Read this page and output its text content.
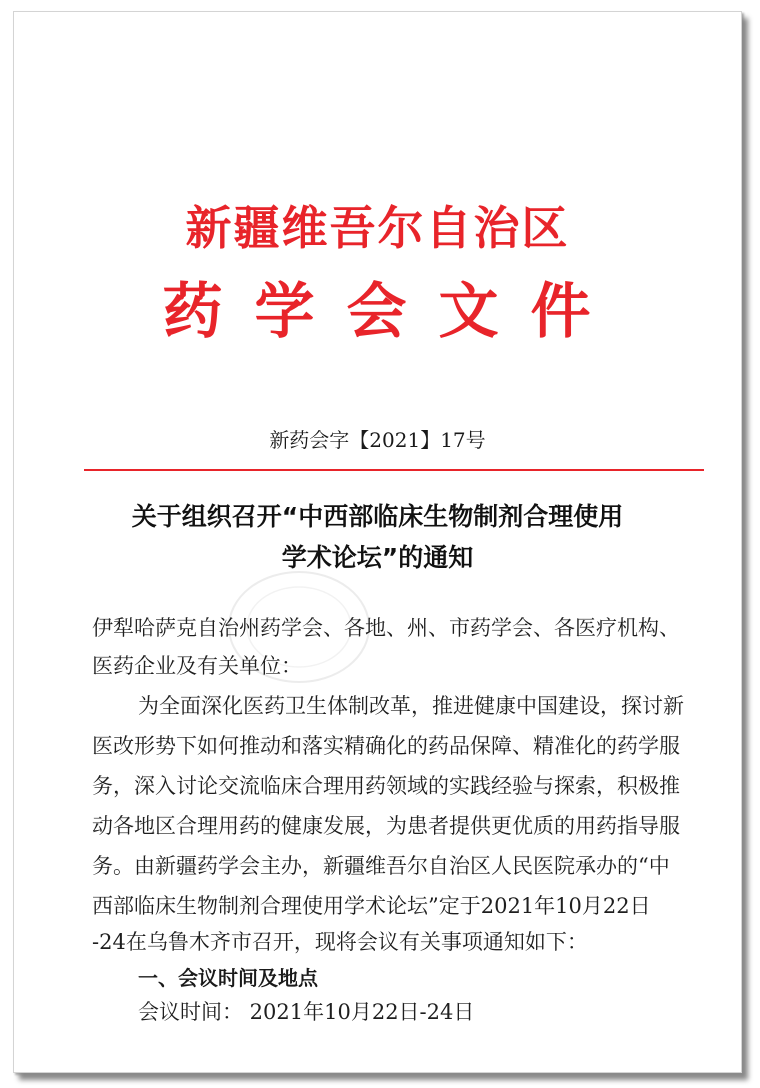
新疆维吾尔自治区
药学会文件
新药会字【2021】17号
关于组织召开“中西部临床生物制剂合理使用
学术论坛”的通知
伊犁哈萨克自治州药学会、各地、州、市药学会、各医疗机构、
医药企业及有关单位：
为全面深化医药卫生体制改革，推进健康中国建设，探讨新
医改形势下如何推动和落实精确化的药品保障、精准化的药学服
务，深入讨论交流临床合理用药领域的实践经验与探索，积极推
动各地区合理用药的健康发展，为患者提供更优质的用药指导服
务。由新疆药学会主办，新疆维吾尔自治区人民医院承办的“中
西部临床生物制剂合理使用学术论坛”定于2021年10月22日
-24在乌鲁木齐市召开，现将会议有关事项通知如下：
一、会议时间及地点
会议时间： 2021年10月22日-24日
